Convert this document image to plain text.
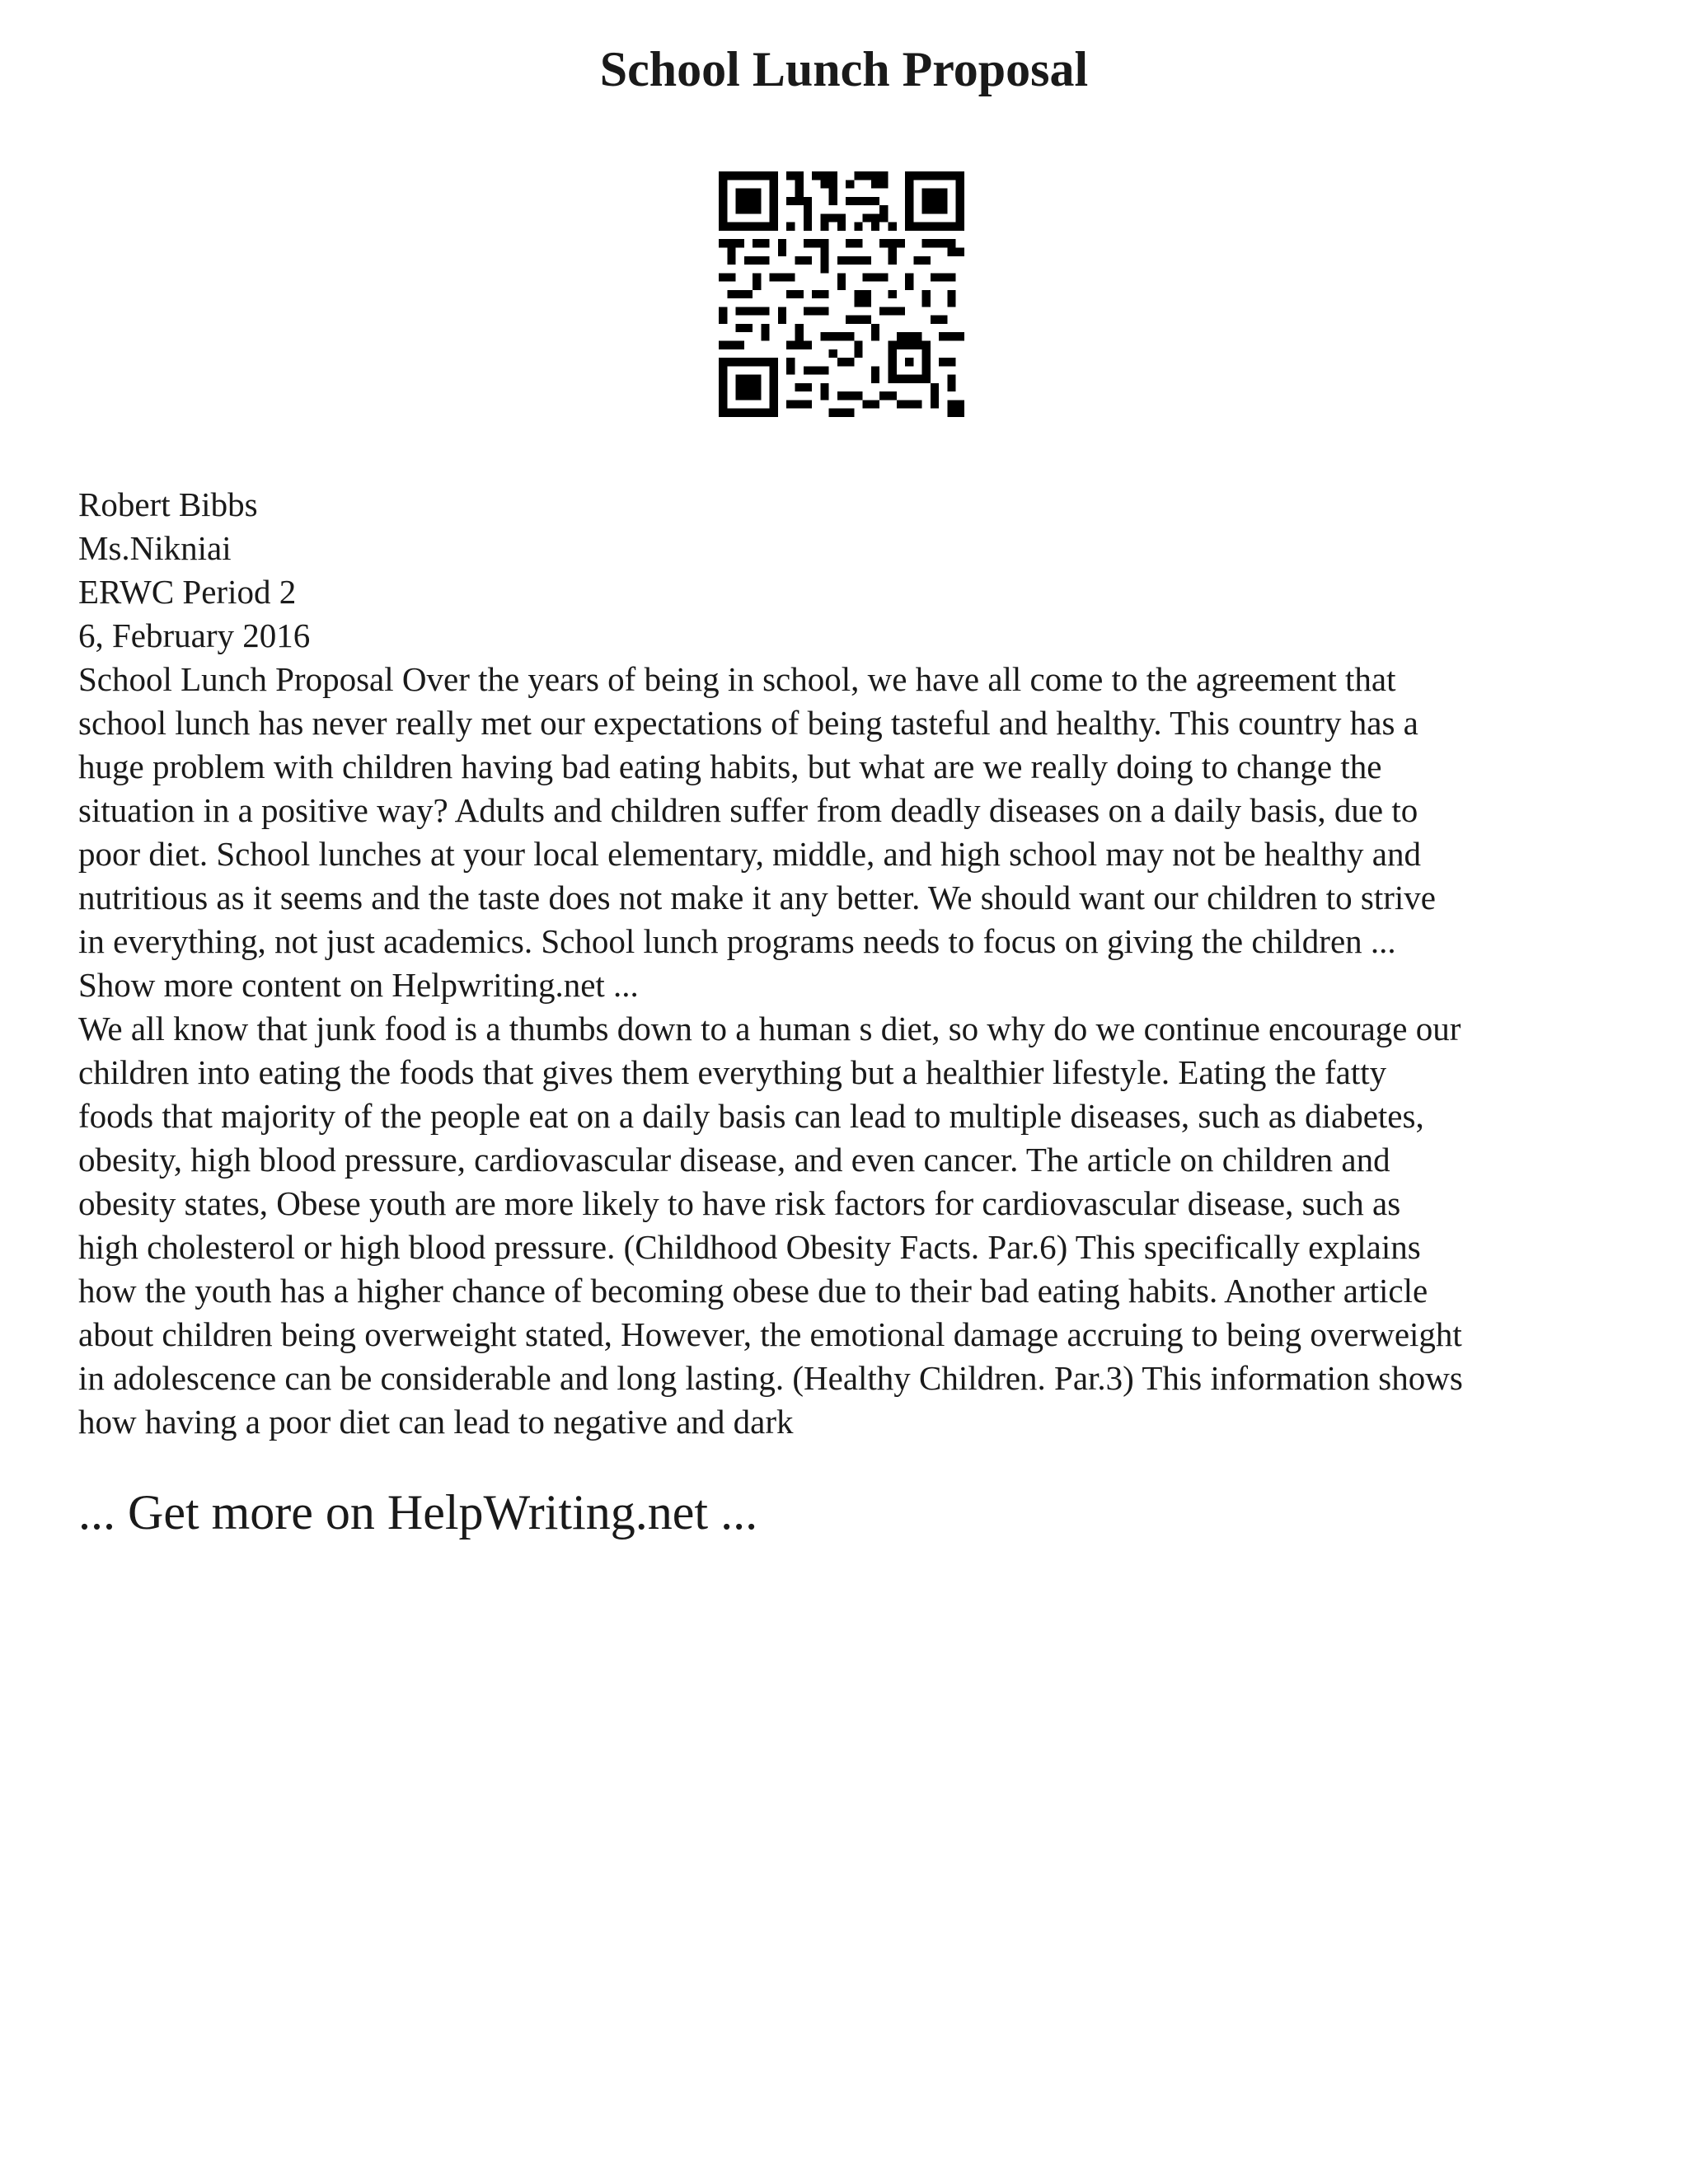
School Lunch Proposal
Robert Bibbs
Ms.Nikniai
ERWC Period 2
6, February 2016
School Lunch Proposal Over the years of being in school, we have all come to the agreement that
school lunch has never really met our expectations of being tasteful and healthy. This country has a
huge problem with children having bad eating habits, but what are we really doing to change the
situation in a positive way? Adults and children suffer from deadly diseases on a daily basis, due to
poor diet. School lunches at your local elementary, middle, and high school may not be healthy and
nutritious as it seems and the taste does not make it any better. We should want our children to strive
in everything, not just academics. School lunch programs needs to focus on giving the children ...
Show more content on Helpwriting.net ...
We all know that junk food is a thumbs down to a human s diet, so why do we continue encourage our
children into eating the foods that gives them everything but a healthier lifestyle. Eating the fatty
foods that majority of the people eat on a daily basis can lead to multiple diseases, such as diabetes,
obesity, high blood pressure, cardiovascular disease, and even cancer. The article on children and
obesity states, Obese youth are more likely to have risk factors for cardiovascular disease, such as
high cholesterol or high blood pressure. (Childhood Obesity Facts. Par.6) This specifically explains
how the youth has a higher chance of becoming obese due to their bad eating habits. Another article
about children being overweight stated, However, the emotional damage accruing to being overweight
in adolescence can be considerable and long lasting. (Healthy Children. Par.3) This information shows
how having a poor diet can lead to negative and dark
... Get more on HelpWriting.net ...
